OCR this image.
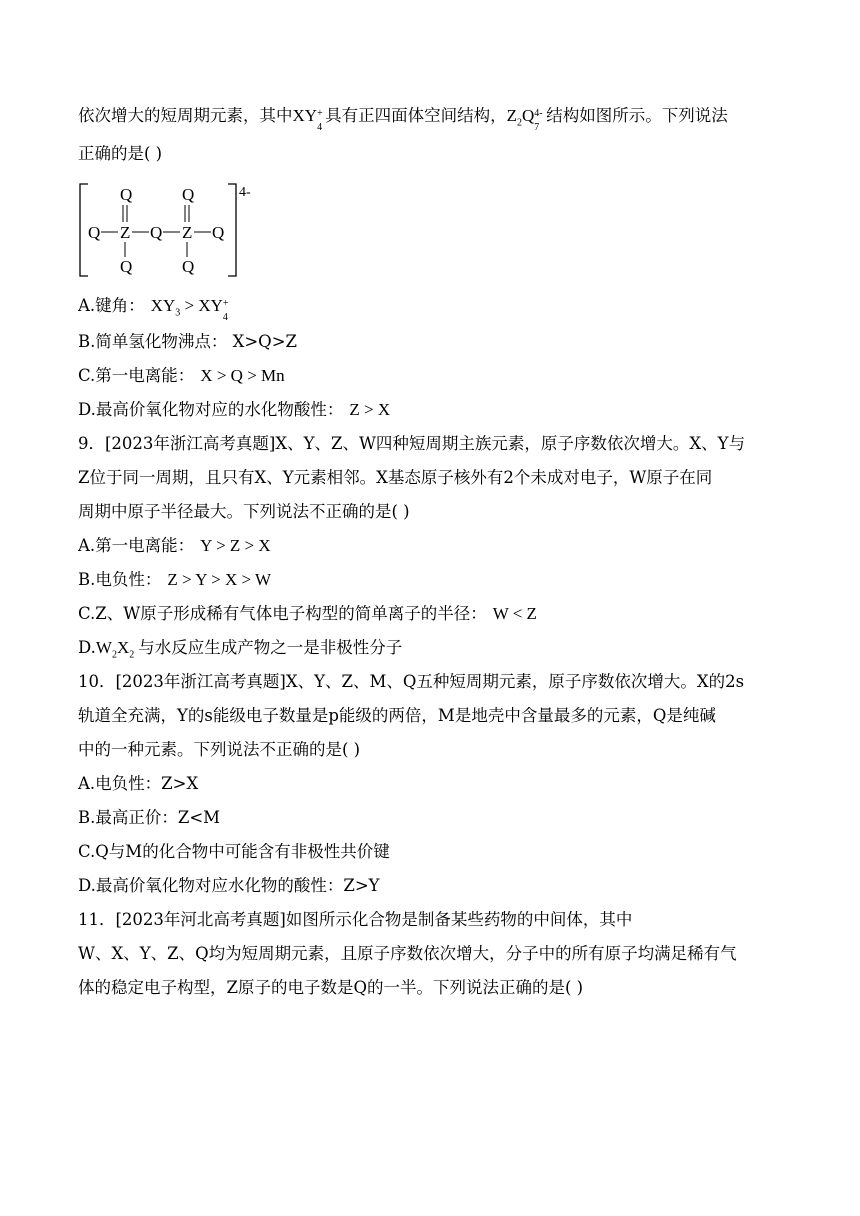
依次增大的短周期元素，其中XY +
4
具有正四面体空间结构，$Z_2Q$ 4-
7
结构如图所示。下列说法
正确的是( )
Q	Q
Q Z Q Z Q
Q	Q
4-
A.键角： $XY_3$ > XY +
4
B.简单氢化物沸点： X>Q>Z
C.第一电离能： X > Q > Mn
D.最高价氧化物对应的水化物酸性： Z > X
9．[2023年浙江高考真题]X、Y、Z、W四种短周期主族元素，原子序数依次增大。X、Y与
Z位于同一周期，且只有X、Y元素相邻。X基态原子核外有2个未成对电子，W原子在同
周期中原子半径最大。下列说法不正确的是( )
A.第一电离能： Y > Z > X
B.电负性： Z > Y > X > W
C.Z、W原子形成稀有气体电子构型的简单离子的半径： W < Z
$D.W_2X_2$ 与水反应生成产物之一是非极性分子
10．[2023年浙江高考真题]X、Y、Z、M、Q五种短周期元素，原子序数依次增大。X的2s
轨道全充满，Y的s能级电子数量是p能级的两倍，M是地壳中含量最多的元素，Q是纯碱
中的一种元素。下列说法不正确的是( )
A.电负性：Z>X
B.最高正价：Z<M
C.Q与M的化合物中可能含有非极性共价键
D.最高价氧化物对应水化物的酸性：Z>Y
11．[2023年河北高考真题]如图所示化合物是制备某些药物的中间体，其中
W、X、Y、Z、Q均为短周期元素，且原子序数依次增大，分子中的所有原子均满足稀有气
体的稳定电子构型，Z原子的电子数是Q的一半。下列说法正确的是( )
